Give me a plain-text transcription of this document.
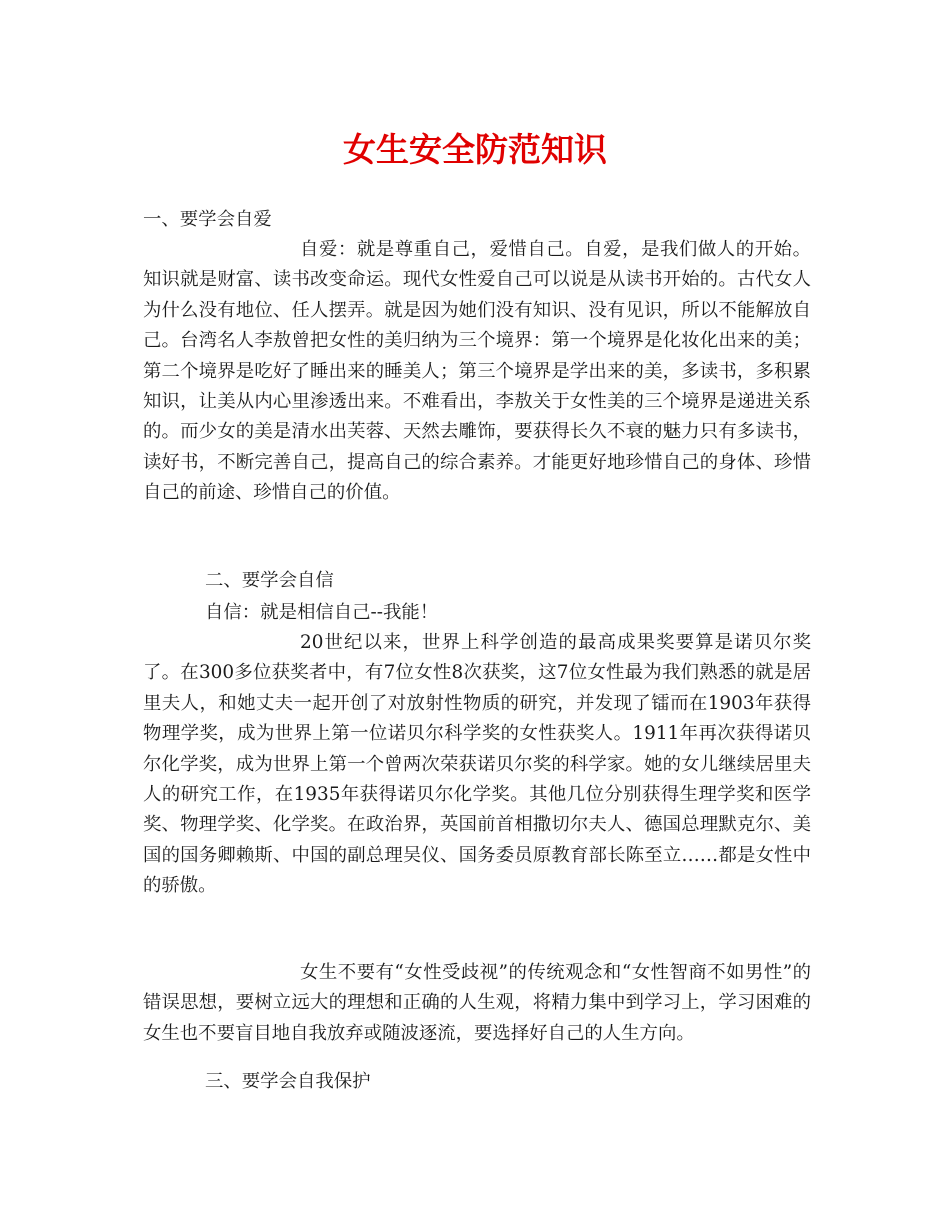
女生安全防范知识

一、要学会自爱

自爱：就是尊重自己，爱惜自己。自爱，是我们做人的开始。知识就是财富、读书改变命运。现代女性爱自己可以说是从读书开始的。古代女人为什么没有地位、任人摆弄。就是因为她们没有知识、没有见识，所以不能解放自己。台湾名人李敖曾把女性的美归纳为三个境界：第一个境界是化妆化出来的美；第二个境界是吃好了睡出来的睡美人；第三个境界是学出来的美，多读书，多积累知识，让美从内心里渗透出来。不难看出，李敖关于女性美的三个境界是递进关系的。而少女的美是清水出芙蓉、天然去雕饰，要获得长久不衰的魅力只有多读书，读好书，不断完善自己，提高自己的综合素养。才能更好地珍惜自己的身体、珍惜自己的前途、珍惜自己的价值。

二、要学会自信

自信：就是相信自己--我能！

20世纪以来，世界上科学创造的最高成果奖要算是诺贝尔奖了。在300多位获奖者中，有7位女性8次获奖，这7位女性最为我们熟悉的就是居里夫人，和她丈夫一起开创了对放射性物质的研究，并发现了镭而在1903年获得物理学奖，成为世界上第一位诺贝尔科学奖的女性获奖人。1911年再次获得诺贝尔化学奖，成为世界上第一个曾两次荣获诺贝尔奖的科学家。她的女儿继续居里夫人的研究工作，在1935年获得诺贝尔化学奖。其他几位分别获得生理学奖和医学奖、物理学奖、化学奖。在政治界，英国前首相撒切尔夫人、德国总理默克尔、美国的国务卿赖斯、中国的副总理吴仪、国务委员原教育部长陈至立……都是女性中的骄傲。

女生不要有“女性受歧视”的传统观念和“女性智商不如男性”的错误思想，要树立远大的理想和正确的人生观，将精力集中到学习上，学习困难的女生也不要盲目地自我放弃或随波逐流，要选择好自己的人生方向。

三、要学会自我保护
